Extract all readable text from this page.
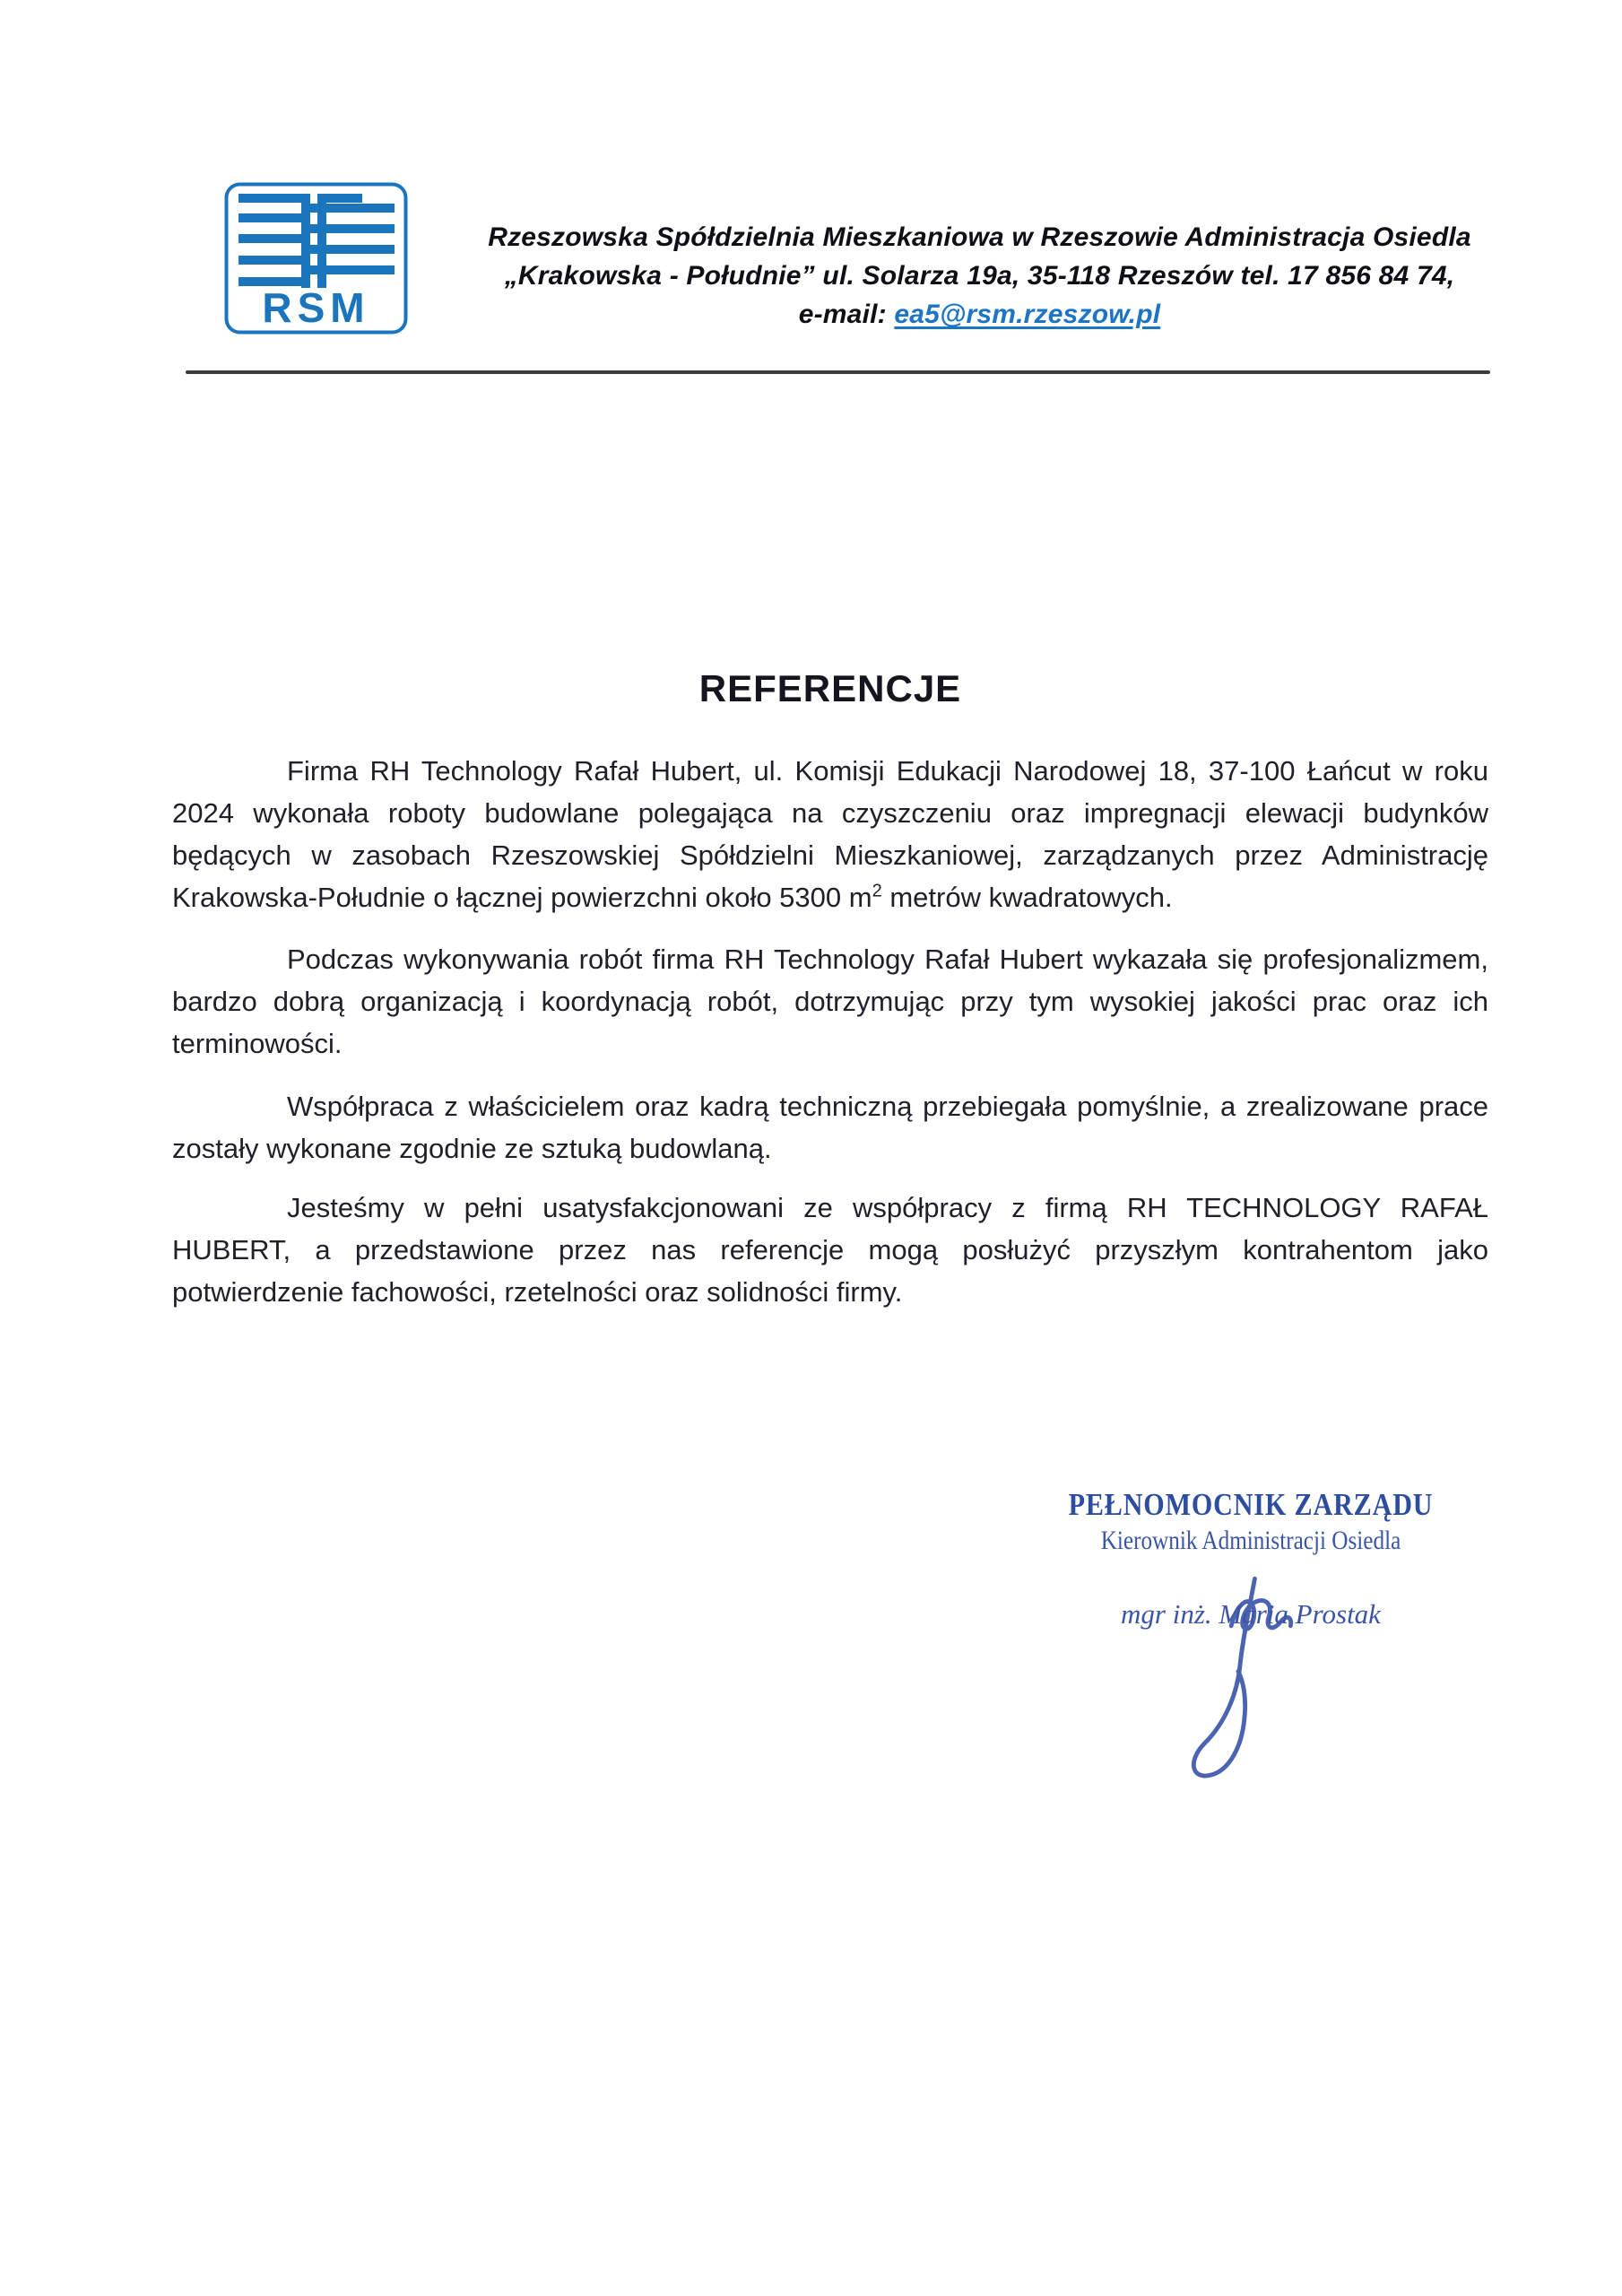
RSM
Rzeszowska Spółdzielnia Mieszkaniowa w Rzeszowie Administracja Osiedla
„Krakowska - Południe” ul. Solarza 19a, 35-118 Rzeszów tel. 17 856 84 74,
e-mail: ea5@rsm.rzeszow.pl
REFERENCJE

Firma RH Technology Rafał Hubert, ul. Komisji Edukacji Narodowej 18, 37-100 Łańcut w roku 2024 wykonała roboty budowlane polegająca na czyszczeniu oraz impregnacji elewacji budynków będących w zasobach Rzeszowskiej Spółdzielni Mieszkaniowej, zarządzanych przez Administrację Krakowska-Południe o łącznej powierzchni około 5300 $m^2$ metrów kwadratowych.

Podczas wykonywania robót firma RH Technology Rafał Hubert wykazała się profesjonalizmem, bardzo dobrą organizacją i koordynacją robót, dotrzymując przy tym wysokiej jakości prac oraz ich terminowości.

Współpraca z właścicielem oraz kadrą techniczną przebiegała pomyślnie, a zrealizowane prace zostały wykonane zgodnie ze sztuką budowlaną.

Jesteśmy w pełni usatysfakcjonowani ze współpracy z firmą RH TECHNOLOGY RAFAŁ HUBERT, a przedstawione przez nas referencje mogą posłużyć przyszłym kontrahentom jako potwierdzenie fachowości, rzetelności oraz solidności firmy.

PEŁNOMOCNIK ZARZĄDU
Kierownik Administracji Osiedla
mgr inż. Maria Prostak
